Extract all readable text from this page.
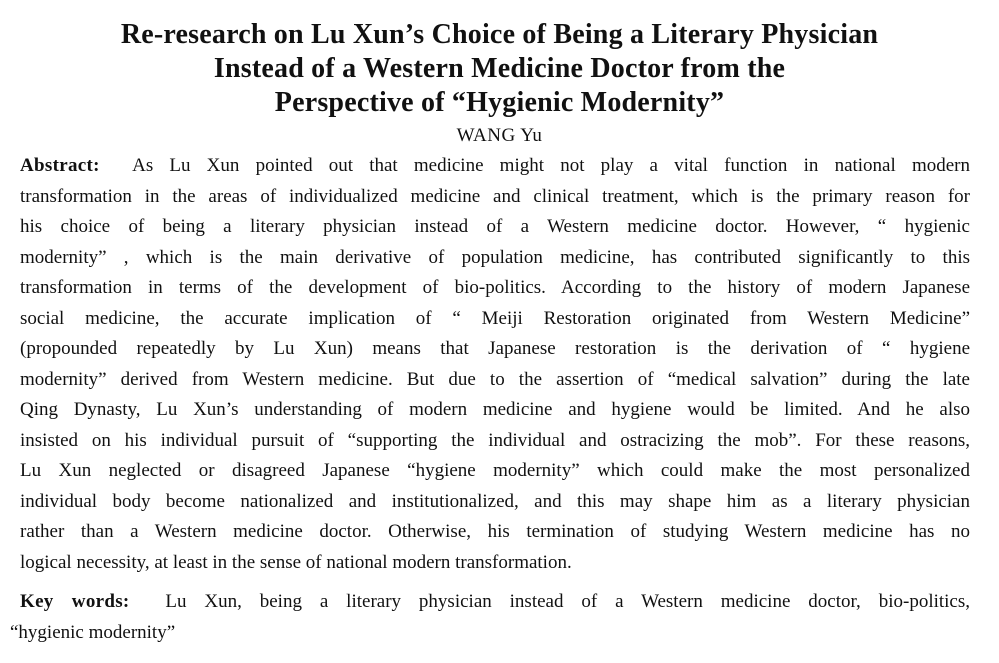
Re-research on Lu Xun’s Choice of Being a Literary Physician
Instead of a Western Medicine Doctor from the
Perspective of “Hygienic Modernity”
WANG Yu
Abstract: As Lu Xun pointed out that medicine might not play a vital function in national modern
transformation in the areas of individualized medicine and clinical treatment, which is the primary reason for
his choice of being a literary physician instead of a Western medicine doctor. However, “ hygienic
modernity” , which is the main derivative of population medicine, has contributed significantly to this
transformation in terms of the development of bio-politics. According to the history of modern Japanese
social medicine, the accurate implication of “ Meiji Restoration originated from Western Medicine”
(propounded repeatedly by Lu Xun) means that Japanese restoration is the derivation of “ hygiene
modernity” derived from Western medicine. But due to the assertion of “medical salvation” during the late
Qing Dynasty, Lu Xun’s understanding of modern medicine and hygiene would be limited. And he also
insisted on his individual pursuit of “supporting the individual and ostracizing the mob”. For these reasons,
Lu Xun neglected or disagreed Japanese “hygiene modernity” which could make the most personalized
individual body become nationalized and institutionalized, and this may shape him as a literary physician
rather than a Western medicine doctor. Otherwise, his termination of studying Western medicine has no
logical necessity, at least in the sense of national modern transformation.
Key words: Lu Xun, being a literary physician instead of a Western medicine doctor, bio-politics,
“hygienic modernity”
